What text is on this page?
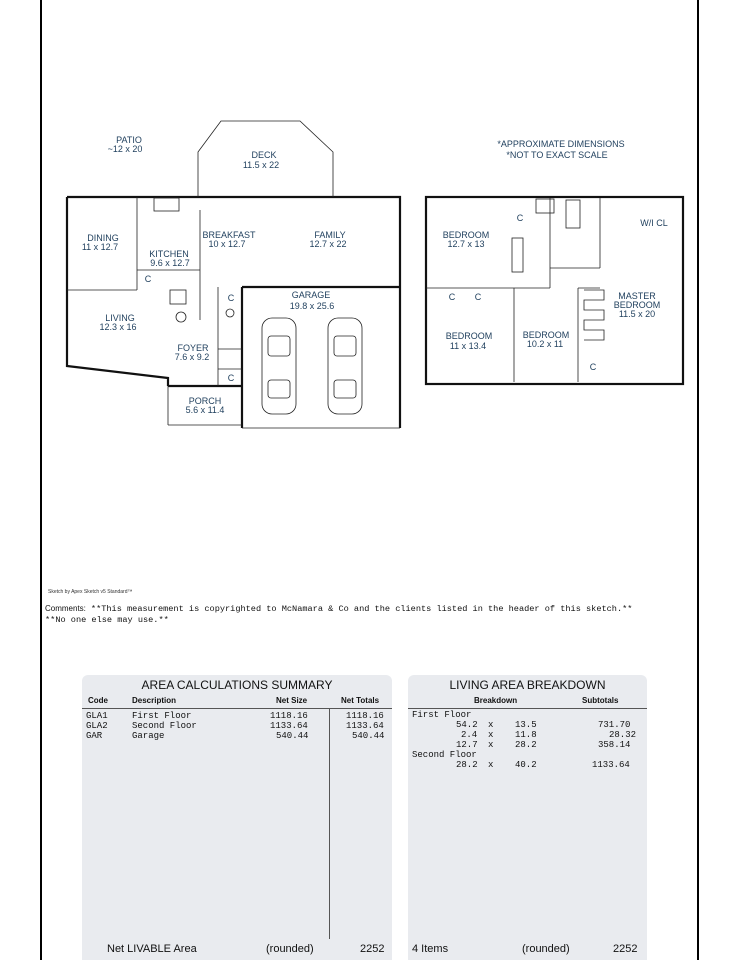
*APPROXIMATE DIMENSIONS
*NOT TO EXACT SCALE
PATIO
~12 x 20
DECK
11.5 x 22
DINING
11 x 12.7
KITCHEN
9.6 x 12.7
BREAKFAST
10 x 12.7
FAMILY
12.7 x 22
LIVING
12.3 x 16
GARAGE
19.8 x 25.6
FOYER
7.6 x 9.2
PORCH
5.6 x 11.4
BEDROOM
12.7 x 13
W/I CL
MASTER
BEDROOM
11.5 x 20
BEDROOM
11 x 13.4
BEDROOM
10.2 x 11
C
C
C
C
C C
C
Sketch by Apex Sketch v5 Standard™
Comments: **This measurement is copyrighted to McNamara & Co and the clients listed in the header of this sketch.**
**No one else may use.**
AREA CALCULATIONS SUMMARY
Code	Description	Net Size	Net Totals
GLA1	First Floor	1118.16	1118.16
GLA2	Second Floor	1133.64	1133.64
GAR	Garage	540.44	540.44
Net LIVABLE Area	(rounded)	2252
LIVING AREA BREAKDOWN
Breakdown	Subtotals
First Floor
54.2 x 13.5	731.70
2.4 x 11.8	28.32
12.7 x 28.2	358.14
Second Floor
28.2 x 40.2	1133.64
4 Items	(rounded)	2252
